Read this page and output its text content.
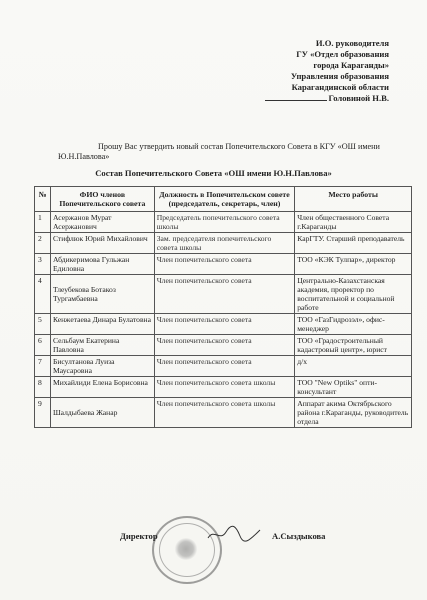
И.О. руководителя
ГУ «Отдел образования
города Караганды»
Управления образования
Карагандинской области
Головиной Н.В.
Прошу Вас утвердить новый состав Попечительского Совета в КГУ «ОШ имени Ю.Н.Павлова»
Состав Попечительского Совета «ОШ имени Ю.Н.Павлова»
№	ФИО членов Попечительского совета	Должность в Попечительском совете (председатель, секретарь, член)	Место работы
1	Асержанов Мурат Асержанович	Председатель попечительского совета школы	Член общественного Совета г.Караганды
2	Стифлюк Юрий Михайлович	Зам. председателя попечительского совета школы	КарГТУ. Старший преподаватель
3	Абдикеримова Гульжан Едиловна	Член попечительского совета	ТОО «КЭК Тулпар», директор
4	Тлеубекова Ботакоз Тургамбаевна	Член попечительского совета	Центрально-Казахстанская академия, проректор по воспитательной и социальной работе
5	Кенжетаева Динара Булатовна	Член попечительского совета	ТОО «ГазГидрозэл», офис-менеджер
6	Сельбаум Екатерина Павловна	Член попечительского совета	ТОО «Градостроительный кадастровый центр», юрист
7	Бисултанова Луиза Маусаровна	Член попечительского совета	д/х
8	Михайлиди Елена Борисовна	Член попечительского совета школы	ТОО "New Optiks" опти-консультант
9	Шалдыбаева Жанар	Член попечительского совета школы	Аппарат акима Октябрьского района г.Караганды, руководитель отдела
Директор	А.Сыздыкова
